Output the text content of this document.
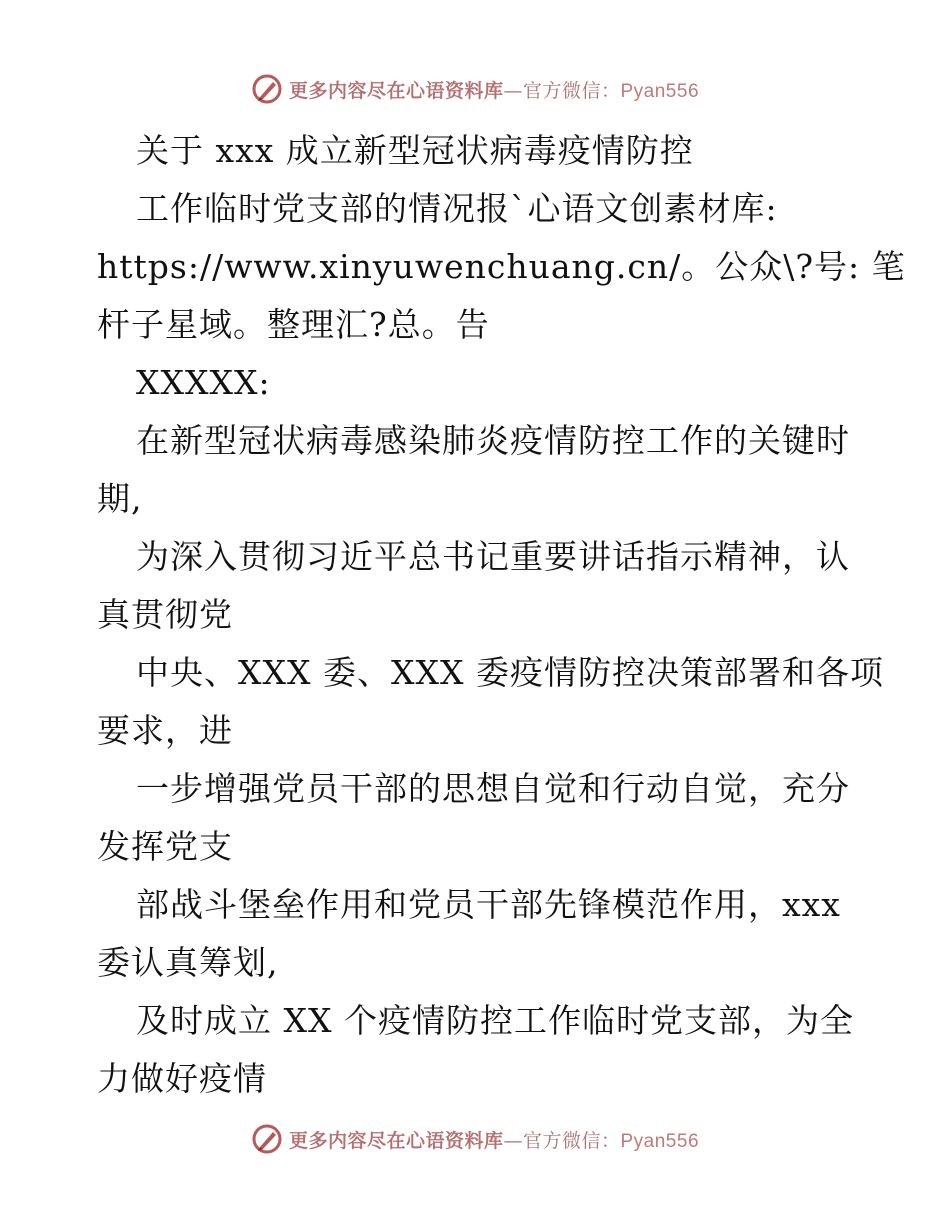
更多内容尽在心语资料库—官方微信：Pyan556
关于 xxx 成立新型冠状病毒疫情防控
工作临时党支部的情况报`心语文创素材库:
https://www.xinyuwenchuang.cn/。公众\?号: 笔
杆子星域。整理汇?总。告
XXXXX:
在新型冠状病毒感染肺炎疫情防控工作的关键时
期,
为深入贯彻习近平总书记重要讲话指示精神，认
真贯彻党
中央、XXX 委、XXX 委疫情防控决策部署和各项
要求，进
一步增强党员干部的思想自觉和行动自觉，充分
发挥党支
部战斗堡垒作用和党员干部先锋模范作用，xxx
委认真筹划,
及时成立 XX 个疫情防控工作临时党支部，为全
力做好疫情
更多内容尽在心语资料库—官方微信：Pyan556
